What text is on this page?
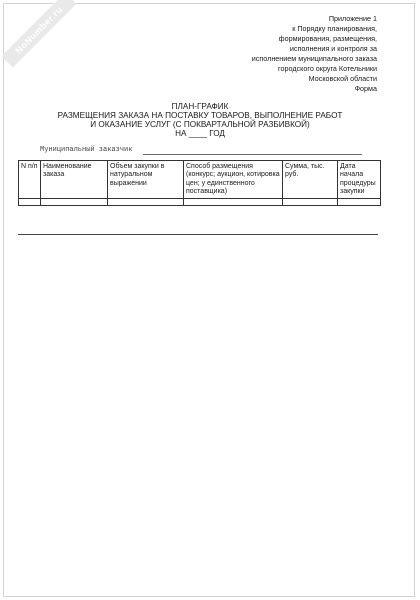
NoNumber.ru	Приложение 1
к Порядку планирования,
формирования, размещения,
исполнения и контроля за
исполнением муниципального заказа
городского округа Котельники
Московской области
Форма
ПЛАН-ГРАФИК
РАЗМЕЩЕНИЯ ЗАКАЗА НА ПОСТАВКУ ТОВАРОВ, ВЫПОЛНЕНИЕ РАБОТ
И ОКАЗАНИЕ УСЛУГ (С ПОКВАРТАЛЬНОЙ РАЗБИВКОЙ)
НА ____ ГОД
Муниципальный заказчик
N п/п	Наименование заказа	Объем закупки в натуральном выражении	Способ размещения (конкурс; аукцион, котировка цен; у единственного поставщика)	Сумма, тыс. руб.	Дата начала процедуры закупки
